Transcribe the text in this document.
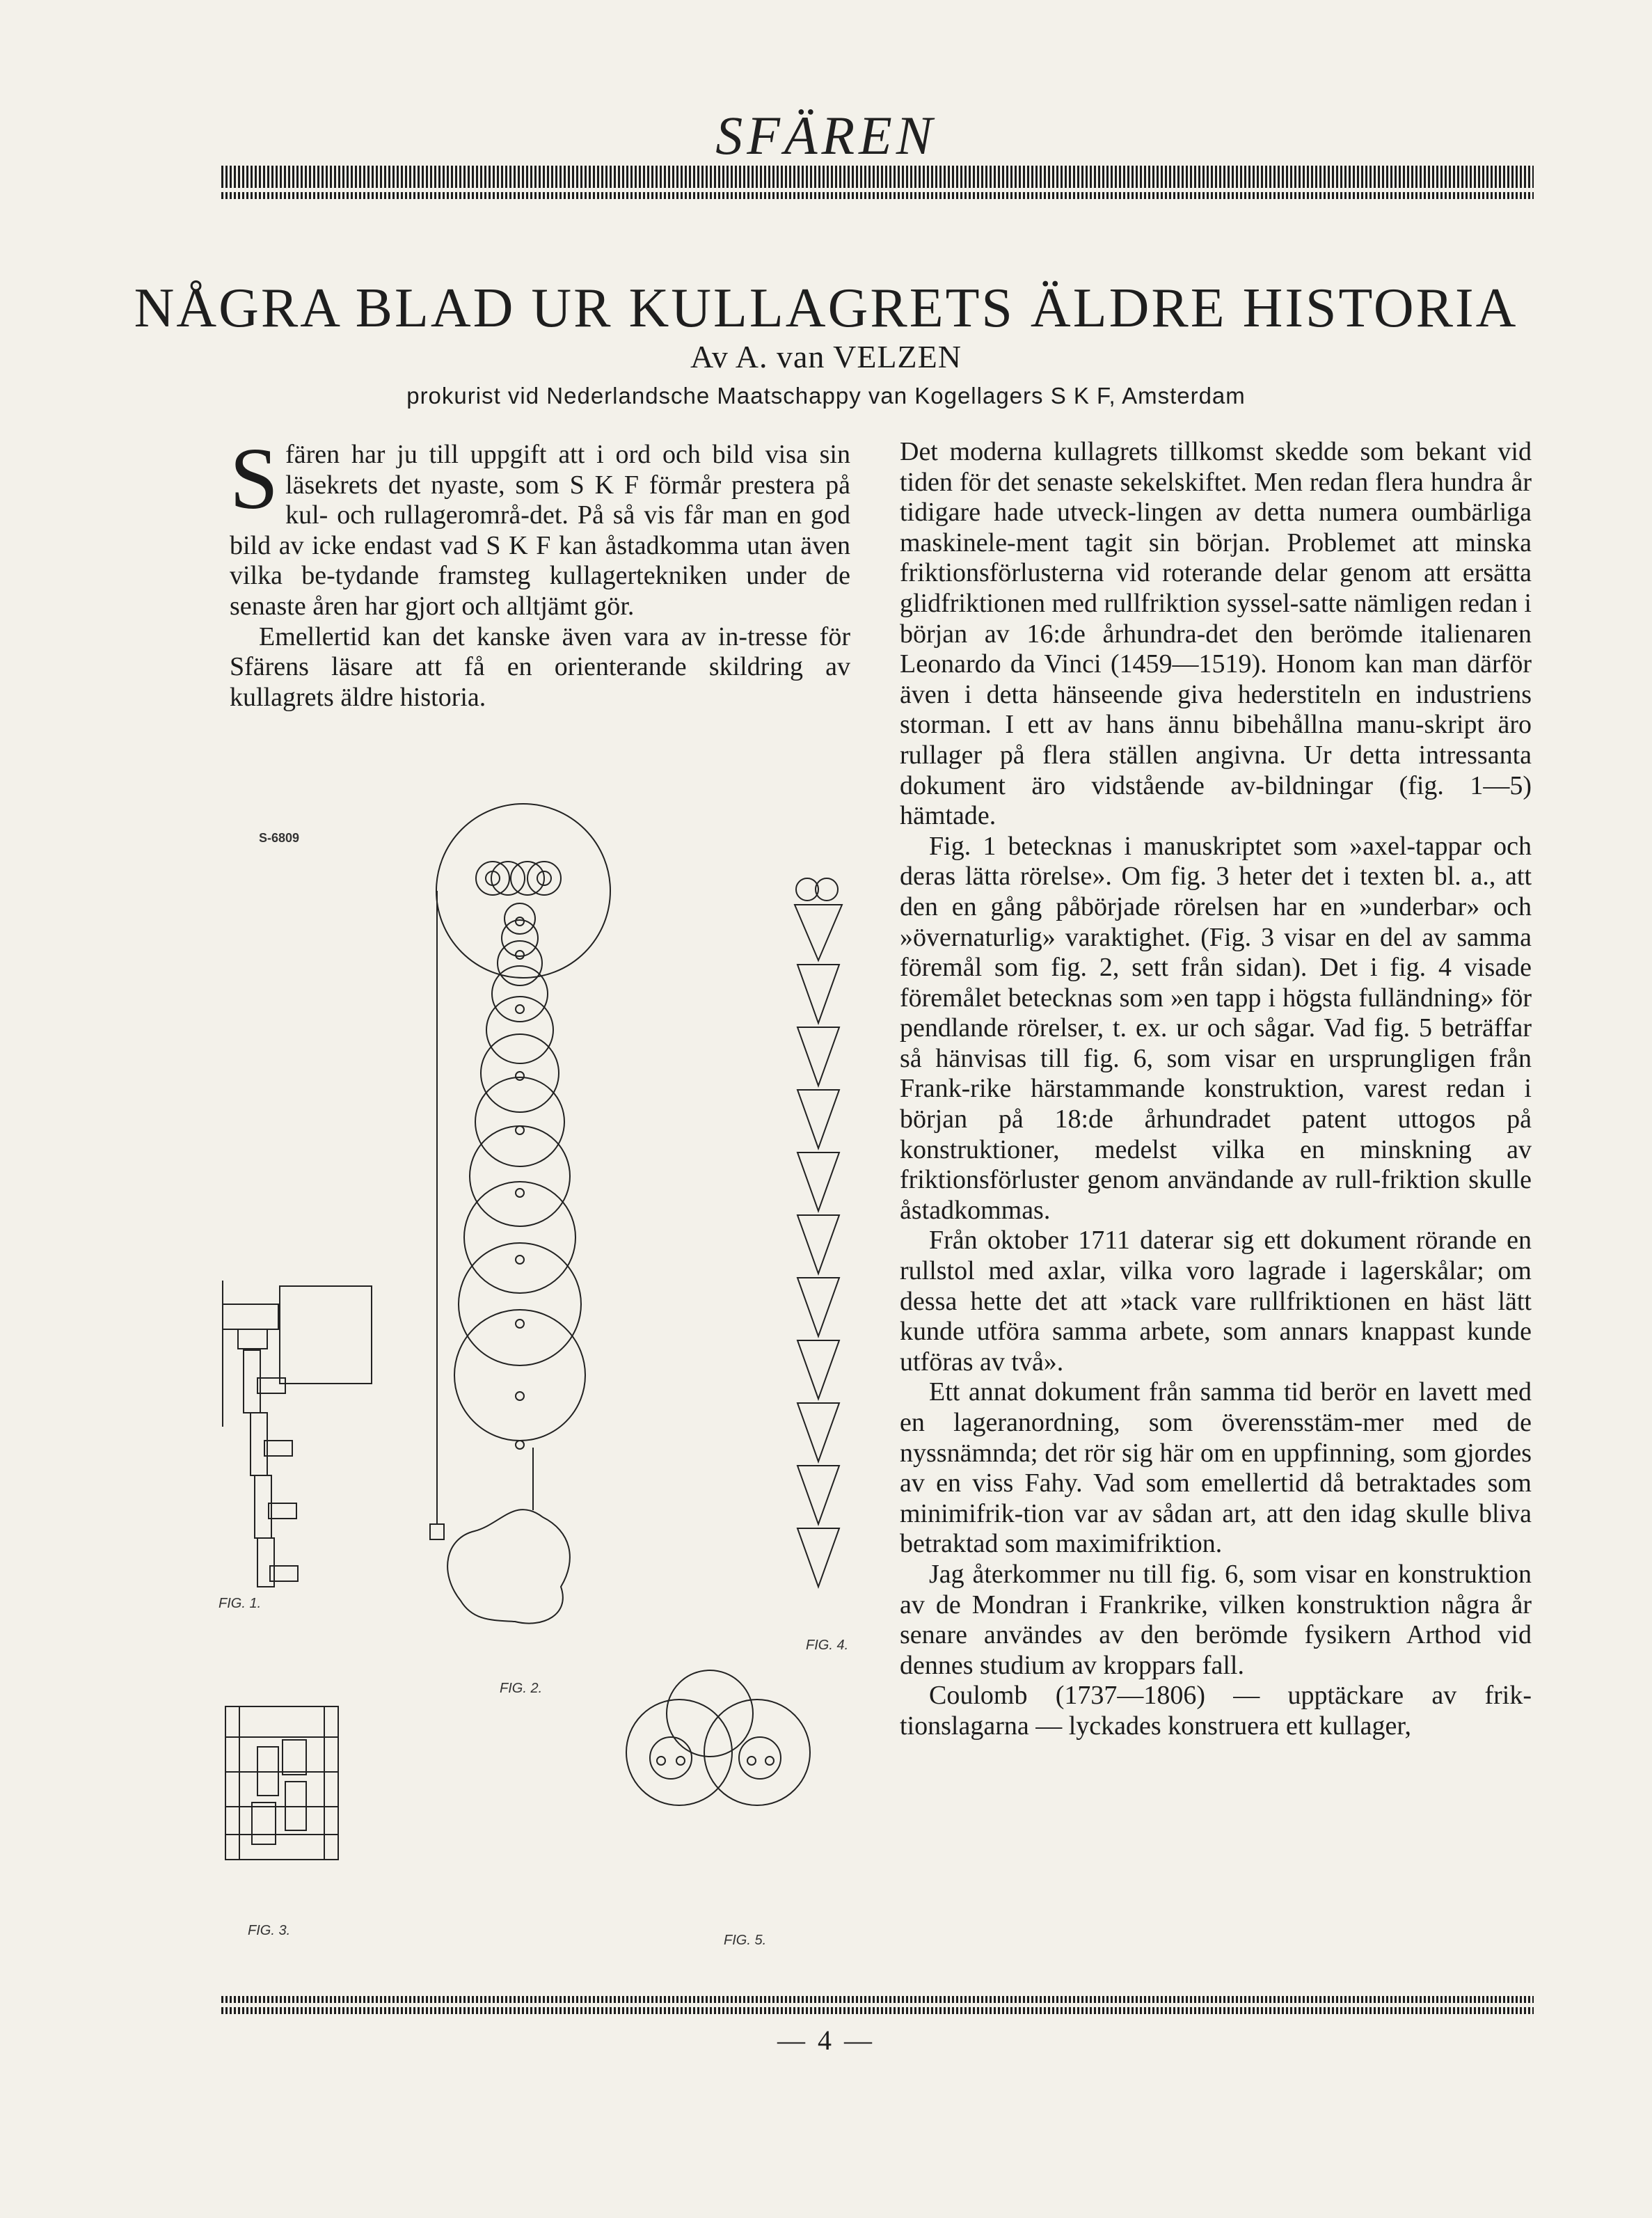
SFÄREN
NÅGRA BLAD UR KULLAGRETS ÄLDRE HISTORIA
Av A. van VELZEN
prokurist vid Nederlandsche Maatschappy van Kogellagers S K F, Amsterdam

Sfären har ju till uppgift att i ord och bild visa sin läsekrets det nyaste, som S K F förmår prestera på kul- och rullagerområ-det. På så vis får man en god bild av icke endast vad S K F kan åstadkomma utan även vilka be-tydande framsteg kullagertekniken under de senaste åren har gjort och alltjämt gör.

Emellertid kan det kanske även vara av in-tresse för Sfärens läsare att få en orienterande skildring av kullagrets äldre historia.

Det moderna kullagrets tillkomst skedde som bekant vid tiden för det senaste sekelskiftet. Men redan flera hundra år tidigare hade utveck-lingen av detta numera oumbärliga maskinele-ment tagit sin början. Problemet att minska friktionsförlusterna vid roterande delar genom att ersätta glidfriktionen med rullfriktion syssel-satte nämligen redan i början av 16:de århundra-det den berömde italienaren Leonardo da Vinci (1459—1519). Honom kan man därför även i detta hänseende giva hederstiteln en industriens storman. I ett av hans ännu bibehållna manu-skript äro rullager på flera ställen angivna. Ur detta intressanta dokument äro vidstående av-bildningar (fig. 1—5) hämtade.

Fig. 1 betecknas i manuskriptet som »axel-tappar och deras lätta rörelse». Om fig. 3 heter det i texten bl. a., att den en gång påbörjade rörelsen har en »underbar» och »övernaturlig» varaktighet. (Fig. 3 visar en del av samma föremål som fig. 2, sett från sidan). Det i fig. 4 visade föremålet betecknas som »en tapp i högsta fulländning» för pendlande rörelser, t. ex. ur och sågar. Vad fig. 5 beträffar så hänvisas till fig. 6, som visar en ursprungligen från Frank-rike härstammande konstruktion, varest redan i början på 18:de århundradet patent uttogos på konstruktioner, medelst vilka en minskning av friktionsförluster genom användande av rull-friktion skulle åstadkommas.

Från oktober 1711 daterar sig ett dokument rörande en rullstol med axlar, vilka voro lagrade i lagerskålar; om dessa hette det att »tack vare rullfriktionen en häst lätt kunde utföra samma arbete, som annars knappast kunde utföras av två».

Ett annat dokument från samma tid berör en lavett med en lageranordning, som överensstäm-mer med de nyssnämnda; det rör sig här om en uppfinning, som gjordes av en viss Fahy. Vad som emellertid då betraktades som minimifrik-tion var av sådan art, att den idag skulle bliva betraktad som maximifriktion.

Jag återkommer nu till fig. 6, som visar en konstruktion av de Mondran i Frankrike, vilken konstruktion några år senare användes av den berömde fysikern Arthod vid dennes studium av kroppars fall.

Coulomb (1737—1806) — upptäckare av frik-tionslagarna — lyckades konstruera ett kullager,

S-6809
FIG. 1.
FIG. 2.
FIG. 3.
FIG. 4.
FIG. 5.
— 4 —
